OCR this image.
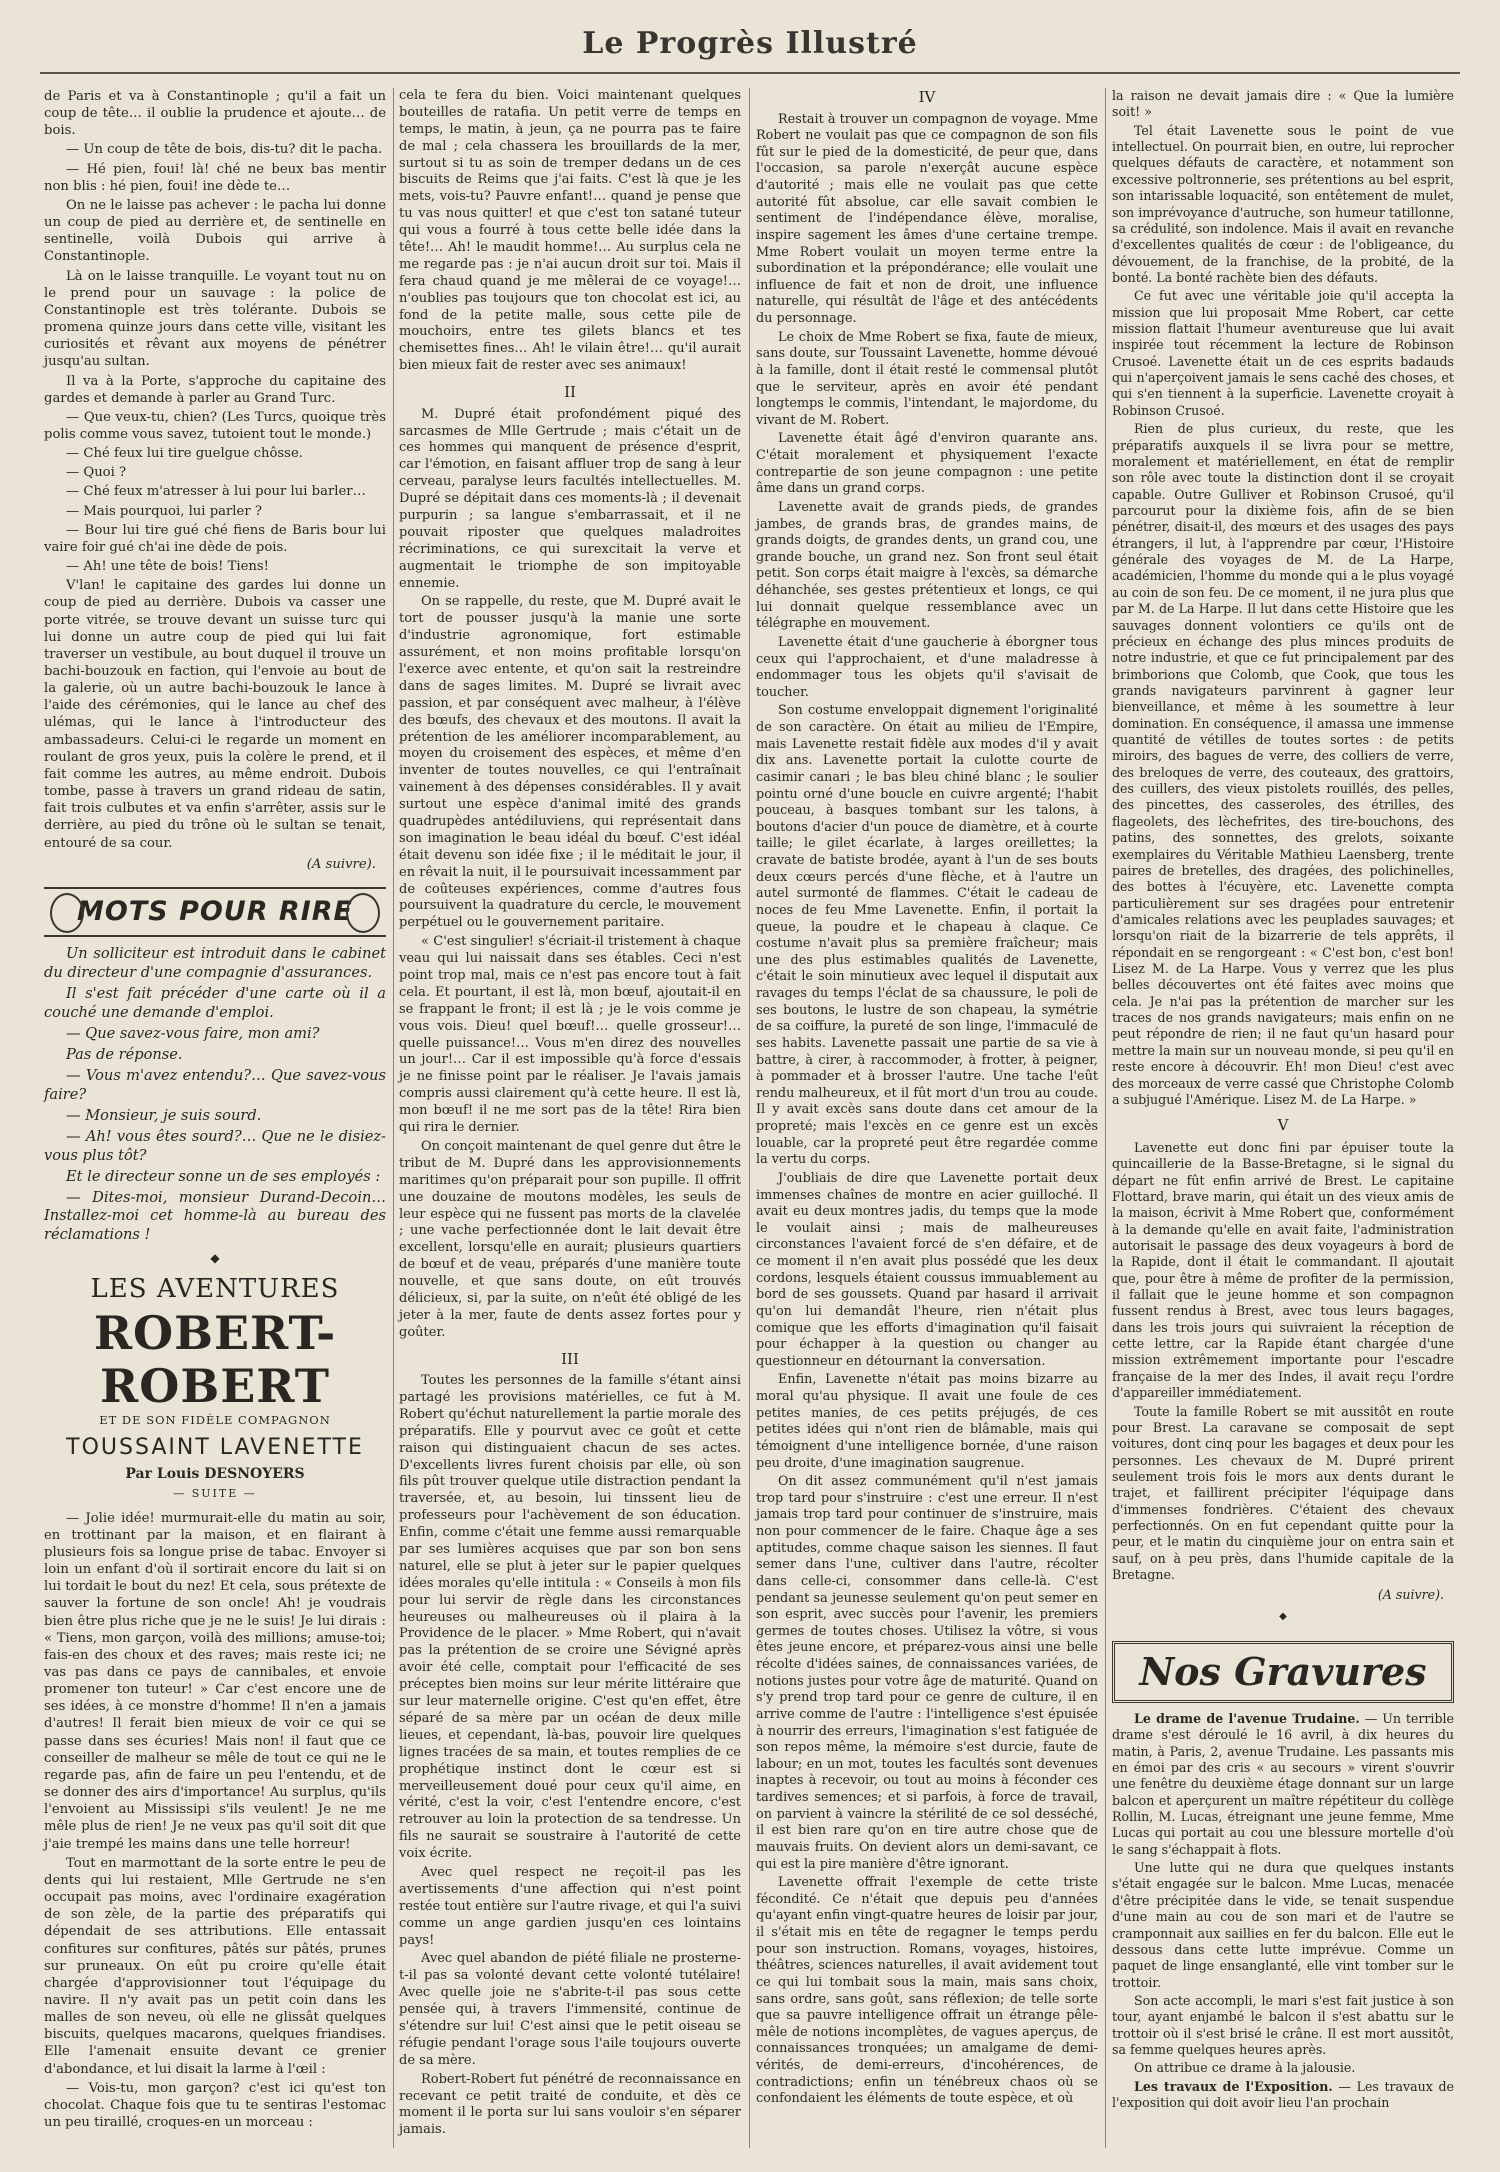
Le Progrès Illustré

de Paris et va à Constantinople ; qu'il a fait un coup de tête… il oublie la prudence et ajoute… de bois.

— Un coup de tête de bois, dis-tu? dit le pacha.

— Hé pien, foui! là! ché ne beux bas mentir non blis : hé pien, foui! ine dède te…

On ne le laisse pas achever : le pacha lui donne un coup de pied au derrière et, de sentinelle en sentinelle, voilà Dubois qui arrive à Constantinople.

Là on le laisse tranquille. Le voyant tout nu on le prend pour un sauvage : la police de Constantinople est très tolérante. Dubois se promena quinze jours dans cette ville, visitant les curiosités et rêvant aux moyens de pénétrer jusqu'au sultan.

Il va à la Porte, s'approche du capitaine des gardes et demande à parler au Grand Turc.

— Que veux-tu, chien? (Les Turcs, quoique très polis comme vous savez, tutoient tout le monde.)

— Ché feux lui tire guelgue chôsse.

— Quoi ?

— Ché feux m'atresser à lui pour lui barler…

— Mais pourquoi, lui parler ?

— Bour lui tire gué ché fiens de Baris bour lui vaire foir gué ch'ai ine dède de pois.

— Ah! une tête de bois! Tiens!

V'lan! le capitaine des gardes lui donne un coup de pied au derrière. Dubois va casser une porte vitrée, se trouve devant un suisse turc qui lui donne un autre coup de pied qui lui fait traverser un vestibule, au bout duquel il trouve un bachi-bouzouk en faction, qui l'envoie au bout de la galerie, où un autre bachi-bouzouk le lance à l'aide des cérémonies, qui le lance au chef des ulémas, qui le lance à l'introducteur des ambassadeurs. Celui-ci le regarde un moment en roulant de gros yeux, puis la colère le prend, et il fait comme les autres, au même endroit. Dubois tombe, passe à travers un grand rideau de satin, fait trois culbutes et va enfin s'arrêter, assis sur le derrière, au pied du trône où le sultan se tenait, entouré de sa cour.

(A suivre).
MOTS POUR RIRE

Un solliciteur est introduit dans le cabinet du directeur d'une compagnie d'assurances.

Il s'est fait précéder d'une carte où il a couché une demande d'emploi.

— Que savez-vous faire, mon ami?

Pas de réponse.

— Vous m'avez entendu?… Que savez-vous faire?

— Monsieur, je suis sourd.

— Ah! vous êtes sourd?… Que ne le disiez-vous plus tôt?

Et le directeur sonne un de ses employés :

— Dites-moi, monsieur Durand-Decoin… Installez-moi cet homme-là au bureau des réclamations !

◆
LES AVENTURES
ROBERT-ROBERT
ET DE SON FIDÈLE COMPAGNON
TOUSSAINT LAVENETTE
Par Louis DESNOYERS
— SUITE —

— Jolie idée! murmurait-elle du matin au soir, en trottinant par la maison, et en flairant à plusieurs fois sa longue prise de tabac. Envoyer si loin un enfant d'où il sortirait encore du lait si on lui tordait le bout du nez! Et cela, sous prétexte de sauver la fortune de son oncle! Ah! je voudrais bien être plus riche que je ne le suis! Je lui dirais : « Tiens, mon garçon, voilà des millions; amuse-toi; fais-en des choux et des raves; mais reste ici; ne vas pas dans ce pays de cannibales, et envoie promener ton tuteur! » Car c'est encore une de ses idées, à ce monstre d'homme! Il n'en a jamais d'autres! Il ferait bien mieux de voir ce qui se passe dans ses écuries! Mais non! il faut que ce conseiller de malheur se mêle de tout ce qui ne le regarde pas, afin de faire un peu l'entendu, et de se donner des airs d'importance! Au surplus, qu'ils l'envoient au Mississipi s'ils veulent! Je ne me mêle plus de rien! Je ne veux pas qu'il soit dit que j'aie trempé les mains dans une telle horreur!

Tout en marmottant de la sorte entre le peu de dents qui lui restaient, Mlle Gertrude ne s'en occupait pas moins, avec l'ordinaire exagération de son zèle, de la partie des préparatifs qui dépendait de ses attributions. Elle entassait confitures sur confitures, pâtés sur pâtés, prunes sur pruneaux. On eût pu croire qu'elle était chargée d'approvisionner tout l'équipage du navire. Il n'y avait pas un petit coin dans les malles de son neveu, où elle ne glissât quelques biscuits, quelques macarons, quelques friandises. Elle l'amenait ensuite devant ce grenier d'abondance, et lui disait la larme à l'œil :

— Vois-tu, mon garçon? c'est ici qu'est ton chocolat. Chaque fois que tu te sentiras l'estomac un peu tiraillé, croques-en un morceau :

cela te fera du bien. Voici maintenant quelques bouteilles de ratafia. Un petit verre de temps en temps, le matin, à jeun, ça ne pourra pas te faire de mal ; cela chassera les brouillards de la mer, surtout si tu as soin de tremper dedans un de ces biscuits de Reims que j'ai faits. C'est là que je les mets, vois-tu? Pauvre enfant!… quand je pense que tu vas nous quitter! et que c'est ton satané tuteur qui vous a fourré à tous cette belle idée dans la tête!… Ah! le maudit homme!… Au surplus cela ne me regarde pas : je n'ai aucun droit sur toi. Mais il fera chaud quand je me mêlerai de ce voyage!… n'oublies pas toujours que ton chocolat est ici, au fond de la petite malle, sous cette pile de mouchoirs, entre tes gilets blancs et tes chemisettes fines… Ah! le vilain être!… qu'il aurait bien mieux fait de rester avec ses animaux!

II

M. Dupré était profondément piqué des sarcasmes de Mlle Gertrude ; mais c'était un de ces hommes qui manquent de présence d'esprit, car l'émotion, en faisant affluer trop de sang à leur cerveau, paralyse leurs facultés intellectuelles. M. Dupré se dépitait dans ces moments-là ; il devenait purpurin ; sa langue s'embarrassait, et il ne pouvait riposter que quelques maladroites récriminations, ce qui surexcitait la verve et augmentait le triomphe de son impitoyable ennemie.

On se rappelle, du reste, que M. Dupré avait le tort de pousser jusqu'à la manie une sorte d'industrie agronomique, fort estimable assurément, et non moins profitable lorsqu'on l'exerce avec entente, et qu'on sait la restreindre dans de sages limites. M. Dupré se livrait avec passion, et par conséquent avec malheur, à l'élève des bœufs, des chevaux et des moutons. Il avait la prétention de les améliorer incomparablement, au moyen du croisement des espèces, et même d'en inventer de toutes nouvelles, ce qui l'entraînait vainement à des dépenses considérables. Il y avait surtout une espèce d'animal imité des grands quadrupèdes antédiluviens, qui représentait dans son imagination le beau idéal du bœuf. C'est idéal était devenu son idée fixe ; il le méditait le jour, il en rêvait la nuit, il le poursuivait incessamment par de coûteuses expériences, comme d'autres fous poursuivent la quadrature du cercle, le mouvement perpétuel ou le gouvernement paritaire.

« C'est singulier! s'écriait-il tristement à chaque veau qui lui naissait dans ses étables. Ceci n'est point trop mal, mais ce n'est pas encore tout à fait cela. Et pourtant, il est là, mon bœuf, ajoutait-il en se frappant le front; il est là ; je le vois comme je vous vois. Dieu! quel bœuf!… quelle grosseur!… quelle puissance!… Vous m'en direz des nouvelles un jour!… Car il est impossible qu'à force d'essais je ne finisse point par le réaliser. Je l'avais jamais compris aussi clairement qu'à cette heure. Il est là, mon bœuf! il ne me sort pas de la tête! Rira bien qui rira le dernier.

On conçoit maintenant de quel genre dut être le tribut de M. Dupré dans les approvisionnements maritimes qu'on préparait pour son pupille. Il offrit une douzaine de moutons modèles, les seuls de leur espèce qui ne fussent pas morts de la clavelée ; une vache perfectionnée dont le lait devait être excellent, lorsqu'elle en aurait; plusieurs quartiers de bœuf et de veau, préparés d'une manière toute nouvelle, et que sans doute, on eût trouvés délicieux, si, par la suite, on n'eût été obligé de les jeter à la mer, faute de dents assez fortes pour y goûter.

III

Toutes les personnes de la famille s'étant ainsi partagé les provisions matérielles, ce fut à M. Robert qu'échut naturellement la partie morale des préparatifs. Elle y pourvut avec ce goût et cette raison qui distinguaient chacun de ses actes. D'excellents livres furent choisis par elle, où son fils pût trouver quelque utile distraction pendant la traversée, et, au besoin, lui tinssent lieu de professeurs pour l'achèvement de son éducation. Enfin, comme c'était une femme aussi remarquable par ses lumières acquises que par son bon sens naturel, elle se plut à jeter sur le papier quelques idées morales qu'elle intitula : « Conseils à mon fils pour lui servir de règle dans les circonstances heureuses ou malheureuses où il plaira à la Providence de le placer. » Mme Robert, qui n'avait pas la prétention de se croire une Sévigné après avoir été celle, comptait pour l'efficacité de ses préceptes bien moins sur leur mérite littéraire que sur leur maternelle origine. C'est qu'en effet, être séparé de sa mère par un océan de deux mille lieues, et cependant, là-bas, pouvoir lire quelques lignes tracées de sa main, et toutes remplies de ce prophétique instinct dont le cœur est si merveilleusement doué pour ceux qu'il aime, en vérité, c'est la voir, c'est l'entendre encore, c'est retrouver au loin la protection de sa tendresse. Un fils ne saurait se soustraire à l'autorité de cette voix écrite.

Avec quel respect ne reçoit-il pas les avertissements d'une affection qui n'est point restée tout entière sur l'autre rivage, et qui l'a suivi comme un ange gardien jusqu'en ces lointains pays!

Avec quel abandon de piété filiale ne prosterne-t-il pas sa volonté devant cette volonté tutélaire! Avec quelle joie ne s'abrite-t-il pas sous cette pensée qui, à travers l'immensité, continue de s'étendre sur lui! C'est ainsi que le petit oiseau se réfugie pendant l'orage sous l'aile toujours ouverte de sa mère.

Robert-Robert fut pénétré de reconnaissance en recevant ce petit traité de conduite, et dès ce moment il le porta sur lui sans vouloir s'en séparer jamais.

IV

Restait à trouver un compagnon de voyage. Mme Robert ne voulait pas que ce compagnon de son fils fût sur le pied de la domesticité, de peur que, dans l'occasion, sa parole n'exerçât aucune espèce d'autorité ; mais elle ne voulait pas que cette autorité fût absolue, car elle savait combien le sentiment de l'indépendance élève, moralise, inspire sagement les âmes d'une certaine trempe. Mme Robert voulait un moyen terme entre la subordination et la prépondérance; elle voulait une influence de fait et non de droit, une influence naturelle, qui résultât de l'âge et des antécédents du personnage.

Le choix de Mme Robert se fixa, faute de mieux, sans doute, sur Toussaint Lavenette, homme dévoué à la famille, dont il était resté le commensal plutôt que le serviteur, après en avoir été pendant longtemps le commis, l'intendant, le majordome, du vivant de M. Robert.

Lavenette était âgé d'environ quarante ans. C'était moralement et physiquement l'exacte contrepartie de son jeune compagnon : une petite âme dans un grand corps.

Lavenette avait de grands pieds, de grandes jambes, de grands bras, de grandes mains, de grands doigts, de grandes dents, un grand cou, une grande bouche, un grand nez. Son front seul était petit. Son corps était maigre à l'excès, sa démarche déhanchée, ses gestes prétentieux et longs, ce qui lui donnait quelque ressemblance avec un télégraphe en mouvement.

Lavenette était d'une gaucherie à éborgner tous ceux qui l'approchaient, et d'une maladresse à endommager tous les objets qu'il s'avisait de toucher.

Son costume enveloppait dignement l'originalité de son caractère. On était au milieu de l'Empire, mais Lavenette restait fidèle aux modes d'il y avait dix ans. Lavenette portait la culotte courte de casimir canari ; le bas bleu chiné blanc ; le soulier pointu orné d'une boucle en cuivre argenté; l'habit pouceau, à basques tombant sur les talons, à boutons d'acier d'un pouce de diamètre, et à courte taille; le gilet écarlate, à larges oreillettes; la cravate de batiste brodée, ayant à l'un de ses bouts deux cœurs percés d'une flèche, et à l'autre un autel surmonté de flammes. C'était le cadeau de noces de feu Mme Lavenette. Enfin, il portait la queue, la poudre et le chapeau à claque. Ce costume n'avait plus sa première fraîcheur; mais une des plus estimables qualités de Lavenette, c'était le soin minutieux avec lequel il disputait aux ravages du temps l'éclat de sa chaussure, le poli de ses boutons, le lustre de son chapeau, la symétrie de sa coiffure, la pureté de son linge, l'immaculé de ses habits. Lavenette passait une partie de sa vie à battre, à cirer, à raccommoder, à frotter, à peigner, à pommader et à brosser l'autre. Une tache l'eût rendu malheureux, et il fût mort d'un trou au coude. Il y avait excès sans doute dans cet amour de la propreté; mais l'excès en ce genre est un excès louable, car la propreté peut être regardée comme la vertu du corps.

J'oubliais de dire que Lavenette portait deux immenses chaînes de montre en acier guilloché. Il avait eu deux montres jadis, du temps que la mode le voulait ainsi ; mais de malheureuses circonstances l'avaient forcé de s'en défaire, et de ce moment il n'en avait plus possédé que les deux cordons, lesquels étaient coussus immuablement au bord de ses goussets. Quand par hasard il arrivait qu'on lui demandât l'heure, rien n'était plus comique que les efforts d'imagination qu'il faisait pour échapper à la question ou changer au questionneur en détournant la conversation.

Enfin, Lavenette n'était pas moins bizarre au moral qu'au physique. Il avait une foule de ces petites manies, de ces petits préjugés, de ces petites idées qui n'ont rien de blâmable, mais qui témoignent d'une intelligence bornée, d'une raison peu droite, d'une imagination saugrenue.

On dit assez communément qu'il n'est jamais trop tard pour s'instruire : c'est une erreur. Il n'est jamais trop tard pour continuer de s'instruire, mais non pour commencer de le faire. Chaque âge a ses aptitudes, comme chaque saison les siennes. Il faut semer dans l'une, cultiver dans l'autre, récolter dans celle-ci, consommer dans celle-là. C'est pendant sa jeunesse seulement qu'on peut semer en son esprit, avec succès pour l'avenir, les premiers germes de toutes choses. Utilisez la vôtre, si vous êtes jeune encore, et préparez-vous ainsi une belle récolte d'idées saines, de connaissances variées, de notions justes pour votre âge de maturité. Quand on s'y prend trop tard pour ce genre de culture, il en arrive comme de l'autre : l'intelligence s'est épuisée à nourrir des erreurs, l'imagination s'est fatiguée de son repos même, la mémoire s'est durcie, faute de labour; en un mot, toutes les facultés sont devenues inaptes à recevoir, ou tout au moins à féconder ces tardives semences; et si parfois, à force de travail, on parvient à vaincre la stérilité de ce sol desséché, il est bien rare qu'on en tire autre chose que de mauvais fruits. On devient alors un demi-savant, ce qui est la pire manière d'être ignorant.

Lavenette offrait l'exemple de cette triste fécondité. Ce n'était que depuis peu d'années qu'ayant enfin vingt-quatre heures de loisir par jour, il s'était mis en tête de regagner le temps perdu pour son instruction. Romans, voyages, histoires, théâtres, sciences naturelles, il avait avidement tout ce qui lui tombait sous la main, mais sans choix, sans ordre, sans goût, sans réflexion; de telle sorte que sa pauvre intelligence offrait un étrange pêle-mêle de notions incomplètes, de vagues aperçus, de connaissances tronquées; un amalgame de demi-vérités, de demi-erreurs, d'incohérences, de contradictions; enfin un ténébreux chaos où se confondaient les éléments de toute espèce, et où

la raison ne devait jamais dire : « Que la lumière soit! »

Tel était Lavenette sous le point de vue intellectuel. On pourrait bien, en outre, lui reprocher quelques défauts de caractère, et notamment son excessive poltronnerie, ses prétentions au bel esprit, son intarissable loquacité, son entêtement de mulet, son imprévoyance d'autruche, son humeur tatillonne, sa crédulité, son indolence. Mais il avait en revanche d'excellentes qualités de cœur : de l'obligeance, du dévouement, de la franchise, de la probité, de la bonté. La bonté rachète bien des défauts.

Ce fut avec une véritable joie qu'il accepta la mission que lui proposait Mme Robert, car cette mission flattait l'humeur aventureuse que lui avait inspirée tout récemment la lecture de Robinson Crusoé. Lavenette était un de ces esprits badauds qui n'aperçoivent jamais le sens caché des choses, et qui s'en tiennent à la superficie. Lavenette croyait à Robinson Crusoé.

Rien de plus curieux, du reste, que les préparatifs auxquels il se livra pour se mettre, moralement et matériellement, en état de remplir son rôle avec toute la distinction dont il se croyait capable. Outre Gulliver et Robinson Crusoé, qu'il parcourut pour la dixième fois, afin de se bien pénétrer, disait-il, des mœurs et des usages des pays étrangers, il lut, à l'apprendre par cœur, l'Histoire générale des voyages de M. de La Harpe, académicien, l'homme du monde qui a le plus voyagé au coin de son feu. De ce moment, il ne jura plus que par M. de La Harpe. Il lut dans cette Histoire que les sauvages donnent volontiers ce qu'ils ont de précieux en échange des plus minces produits de notre industrie, et que ce fut principalement par des brimborions que Colomb, que Cook, que tous les grands navigateurs parvinrent à gagner leur bienveillance, et même à les soumettre à leur domination. En conséquence, il amassa une immense quantité de vétilles de toutes sortes : de petits miroirs, des bagues de verre, des colliers de verre, des breloques de verre, des couteaux, des grattoirs, des cuillers, des vieux pistolets rouillés, des pelles, des pincettes, des casseroles, des étrilles, des flageolets, des lèchefrites, des tire-bouchons, des patins, des sonnettes, des grelots, soixante exemplaires du Véritable Mathieu Laensberg, trente paires de bretelles, des dragées, des polichinelles, des bottes à l'écuyère, etc. Lavenette compta particulièrement sur ses dragées pour entretenir d'amicales relations avec les peuplades sauvages; et lorsqu'on riait de la bizarrerie de tels apprêts, il répondait en se rengorgeant : « C'est bon, c'est bon! Lisez M. de La Harpe. Vous y verrez que les plus belles découvertes ont été faites avec moins que cela. Je n'ai pas la prétention de marcher sur les traces de nos grands navigateurs; mais enfin on ne peut répondre de rien; il ne faut qu'un hasard pour mettre la main sur un nouveau monde, si peu qu'il en reste encore à découvrir. Eh! mon Dieu! c'est avec des morceaux de verre cassé que Christophe Colomb a subjugué l'Amérique. Lisez M. de La Harpe. »

V

Lavenette eut donc fini par épuiser toute la quincaillerie de la Basse-Bretagne, si le signal du départ ne fût enfin arrivé de Brest. Le capitaine Flottard, brave marin, qui était un des vieux amis de la maison, écrivit à Mme Robert que, conformément à la demande qu'elle en avait faite, l'administration autorisait le passage des deux voyageurs à bord de la Rapide, dont il était le commandant. Il ajoutait que, pour être à même de profiter de la permission, il fallait que le jeune homme et son compagnon fussent rendus à Brest, avec tous leurs bagages, dans les trois jours qui suivraient la réception de cette lettre, car la Rapide étant chargée d'une mission extrêmement importante pour l'escadre française de la mer des Indes, il avait reçu l'ordre d'appareiller immédiatement.

Toute la famille Robert se mit aussitôt en route pour Brest. La caravane se composait de sept voitures, dont cinq pour les bagages et deux pour les personnes. Les chevaux de M. Dupré prirent seulement trois fois le mors aux dents durant le trajet, et faillirent précipiter l'équipage dans d'immenses fondrières. C'étaient des chevaux perfectionnés. On en fut cependant quitte pour la peur, et le matin du cinquième jour on entra sain et sauf, on à peu près, dans l'humide capitale de la Bretagne.

(A suivre).
◆
Nos Gravures

Le drame de l'avenue Trudaine. — Un terrible drame s'est déroulé le 16 avril, à dix heures du matin, à Paris, 2, avenue Trudaine. Les passants mis en émoi par des cris « au secours » virent s'ouvrir une fenêtre du deuxième étage donnant sur un large balcon et aperçurent un maître répétiteur du collège Rollin, M. Lucas, étreignant une jeune femme, Mme Lucas qui portait au cou une blessure mortelle d'où le sang s'échappait à flots.

Une lutte qui ne dura que quelques instants s'était engagée sur le balcon. Mme Lucas, menacée d'être précipitée dans le vide, se tenait suspendue d'une main au cou de son mari et de l'autre se cramponnait aux saillies en fer du balcon. Elle eut le dessous dans cette lutte imprévue. Comme un paquet de linge ensanglanté, elle vint tomber sur le trottoir.

Son acte accompli, le mari s'est fait justice à son tour, ayant enjambé le balcon il s'est abattu sur le trottoir où il s'est brisé le crâne. Il est mort aussitôt, sa femme quelques heures après.

On attribue ce drame à la jalousie.

Les travaux de l'Exposition. — Les travaux de l'exposition qui doit avoir lieu l'an prochain
